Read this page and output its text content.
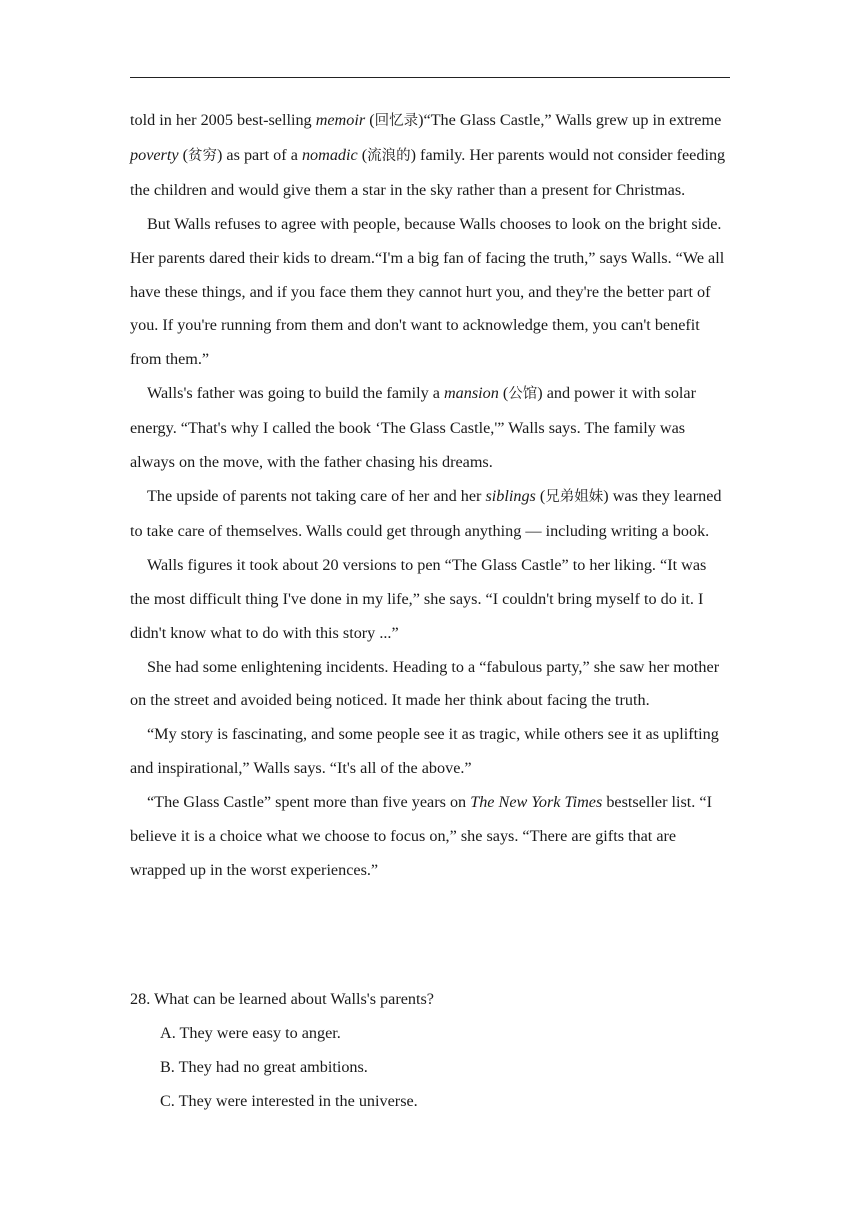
told in her 2005 best-selling memoir (回忆录)“The Glass Castle,” Walls grew up in extreme poverty (贫穷) as part of a nomadic (流浪的) family. Her parents would not consider feeding the children and would give them a star in the sky rather than a present for Christmas.

But Walls refuses to agree with people, because Walls chooses to look on the bright side. Her parents dared their kids to dream.“I'm a big fan of facing the truth,” says Walls. “We all have these things, and if you face them they cannot hurt you, and they're the better part of you. If you're running from them and don't want to acknowledge them, you can't benefit from them.”

Walls's father was going to build the family a mansion (公馆) and power it with solar energy. “That's why I called the book ‘The Glass Castle,'” Walls says. The family was always on the move, with the father chasing his dreams.

The upside of parents not taking care of her and her siblings (兄弟姐妹) was they learned to take care of themselves. Walls could get through anything — including writing a book.

Walls figures it took about 20 versions to pen “The Glass Castle” to her liking. “It was the most difficult thing I've done in my life,” she says. “I couldn't bring myself to do it. I didn't know what to do with this story ...”

She had some enlightening incidents. Heading to a “fabulous party,” she saw her mother on the street and avoided being noticed. It made her think about facing the truth.

“My story is fascinating, and some people see it as tragic, while others see it as uplifting and inspirational,” Walls says. “It's all of the above.”

“The Glass Castle” spent more than five years on The New York Times bestseller list. “I believe it is a choice what we choose to focus on,” she says. “There are gifts that are wrapped up in the worst experiences.”

28. What can be learned about Walls's parents?

A. They were easy to anger.
B. They had no great ambitions.
C. They were interested in the universe.
